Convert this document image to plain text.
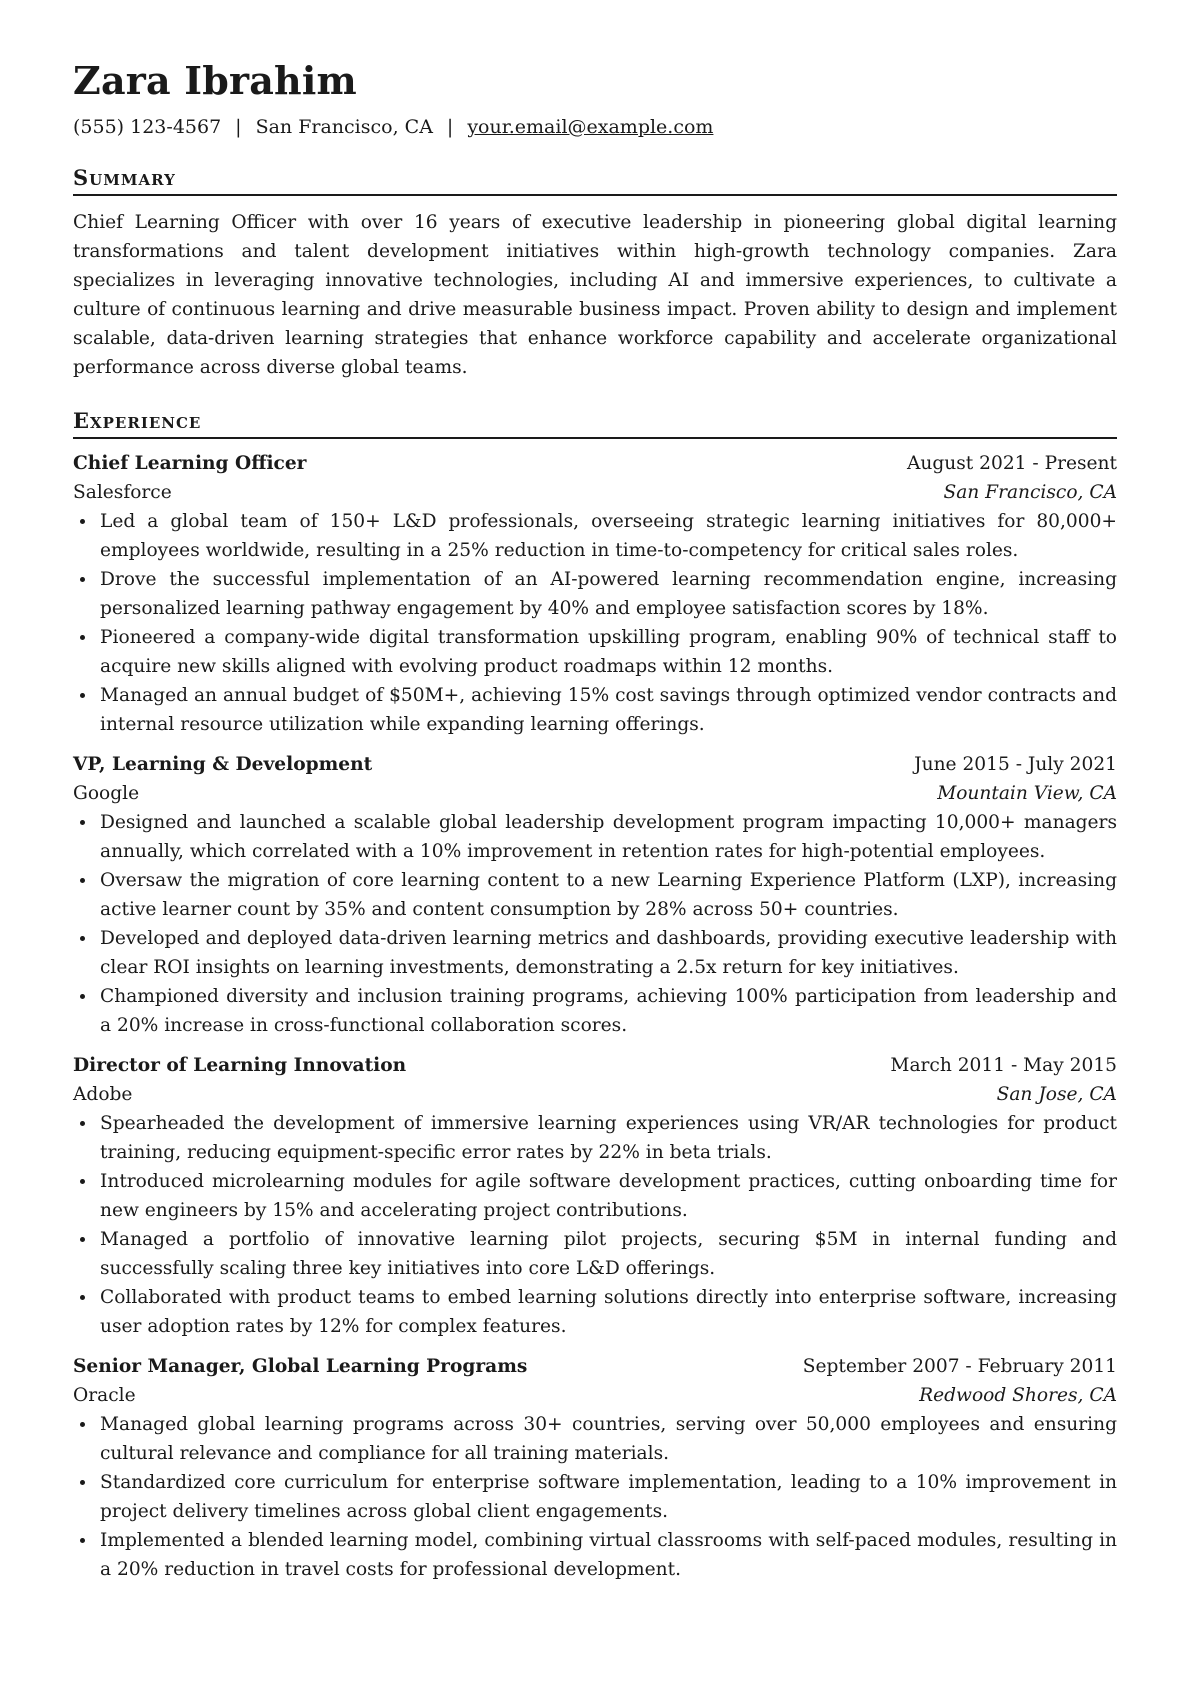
Zara Ibrahim
(555) 123-4567 | San Francisco, CA | your.email@example.com
Summary

Chief Learning Officer with over 16 years of executive leadership in pioneering global digital learning transformations and talent development initiatives within high-growth technology companies. Zara specializes in leveraging innovative technologies, including AI and immersive experiences, to cultivate a culture of continuous learning and drive measurable business impact. Proven ability to design and implement scalable, data-driven learning strategies that enhance workforce capability and accelerate organizational performance across diverse global teams.

Experience
Chief Learning Officer	August 2021 - Present
Salesforce	San Francisco, CA
Led a global team of 150+ L&D professionals, overseeing strategic learning initiatives for 80,000+ employees worldwide, resulting in a 25% reduction in time-to-competency for critical sales roles.
Drove the successful implementation of an AI-powered learning recommendation engine, increasing personalized learning pathway engagement by 40% and employee satisfaction scores by 18%.
Pioneered a company-wide digital transformation upskilling program, enabling 90% of technical staff to acquire new skills aligned with evolving product roadmaps within 12 months.
Managed an annual budget of $50M+, achieving 15% cost savings through optimized vendor contracts and internal resource utilization while expanding learning offerings.
VP, Learning & Development	June 2015 - July 2021
Google	Mountain View, CA
Designed and launched a scalable global leadership development program impacting 10,000+ managers annually, which correlated with a 10% improvement in retention rates for high-potential employees.
Oversaw the migration of core learning content to a new Learning Experience Platform (LXP), increasing active learner count by 35% and content consumption by 28% across 50+ countries.
Developed and deployed data-driven learning metrics and dashboards, providing executive leadership with clear ROI insights on learning investments, demonstrating a 2.5x return for key initiatives.
Championed diversity and inclusion training programs, achieving 100% participation from leadership and a 20% increase in cross-functional collaboration scores.
Director of Learning Innovation	March 2011 - May 2015
Adobe	San Jose, CA
Spearheaded the development of immersive learning experiences using VR/AR technologies for product training, reducing equipment-specific error rates by 22% in beta trials.
Introduced microlearning modules for agile software development practices, cutting onboarding time for new engineers by 15% and accelerating project contributions.
Managed a portfolio of innovative learning pilot projects, securing $5M in internal funding and successfully scaling three key initiatives into core L&D offerings.
Collaborated with product teams to embed learning solutions directly into enterprise software, increasing user adoption rates by 12% for complex features.
Senior Manager, Global Learning Programs	September 2007 - February 2011
Oracle	Redwood Shores, CA
Managed global learning programs across 30+ countries, serving over 50,000 employees and ensuring cultural relevance and compliance for all training materials.
Standardized core curriculum for enterprise software implementation, leading to a 10% improvement in project delivery timelines across global client engagements.
Implemented a blended learning model, combining virtual classrooms with self-paced modules, resulting in a 20% reduction in travel costs for professional development.
